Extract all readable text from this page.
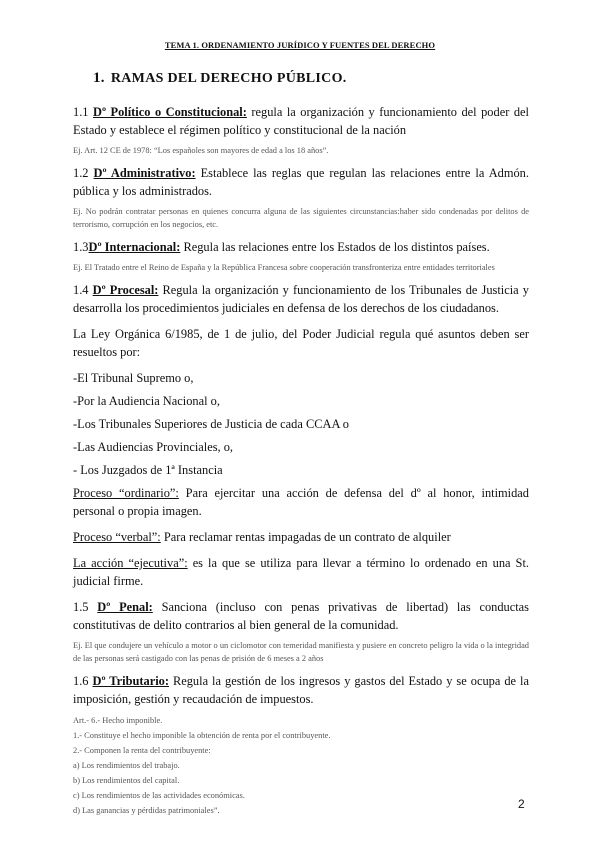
TEMA 1. ORDENAMIENTO JURÍDICO Y FUENTES DEL DERECHO
1. RAMAS DEL DERECHO PÚBLICO.

1.1 Dº Político o Constitucional: regula la organización y funcionamiento del poder del Estado y establece el régimen político y constitucional de la nación

Ej. Art. 12 CE de 1978: “Los españoles son mayores de edad a los 18 años”.

1.2 Dº Administrativo: Establece las reglas que regulan las relaciones entre la Admón. pública y los administrados.

Ej. No podrán contratar personas en quienes concurra alguna de las siguientes circunstancias:haber sido condenadas por delitos de terrorismo, corrupción en los negocios, etc.

1.3Dº Internacional: Regula las relaciones entre los Estados de los distintos países.

Ej. El Tratado entre el Reino de España y la República Francesa sobre cooperación transfronteriza entre entidades territoriales

1.4 Dº Procesal: Regula la organización y funcionamiento de los Tribunales de Justicia y desarrolla los procedimientos judiciales en defensa de los derechos de los ciudadanos.

La Ley Orgánica 6/1985, de 1 de julio, del Poder Judicial regula qué asuntos deben ser resueltos por:

-El Tribunal Supremo o,

-Por la Audiencia Nacional o,

-Los Tribunales Superiores de Justicia de cada CCAA o

-Las Audiencias Provinciales, o,

- Los Juzgados de 1ª Instancia

Proceso “ordinario”: Para ejercitar una acción de defensa del dº al honor, intimidad personal o propia imagen.

Proceso “verbal”: Para reclamar rentas impagadas de un contrato de alquiler

La acción “ejecutiva”: es la que se utiliza para llevar a término lo ordenado en una St. judicial firme.

1.5 Dº Penal: Sanciona (incluso con penas privativas de libertad) las conductas constitutivas de delito contrarios al bien general de la comunidad.

Ej. El que condujere un vehículo a motor o un ciclomotor con temeridad manifiesta y pusiere en concreto peligro la vida o la integridad de las personas será castigado con las penas de prisión de 6 meses a 2 años

1.6 Dº Tributario: Regula la gestión de los ingresos y gastos del Estado y se ocupa de la imposición, gestión y recaudación de impuestos.

Art.- 6.- Hecho imponible.

1.- Constituye el hecho imponible la obtención de renta por el contribuyente.

2.- Componen la renta del contribuyente:

a) Los rendimientos del trabajo.

b) Los rendimientos del capital.

c) Los rendimientos de las actividades económicas.

d) Las ganancias y pérdidas patrimoniales”.	2
